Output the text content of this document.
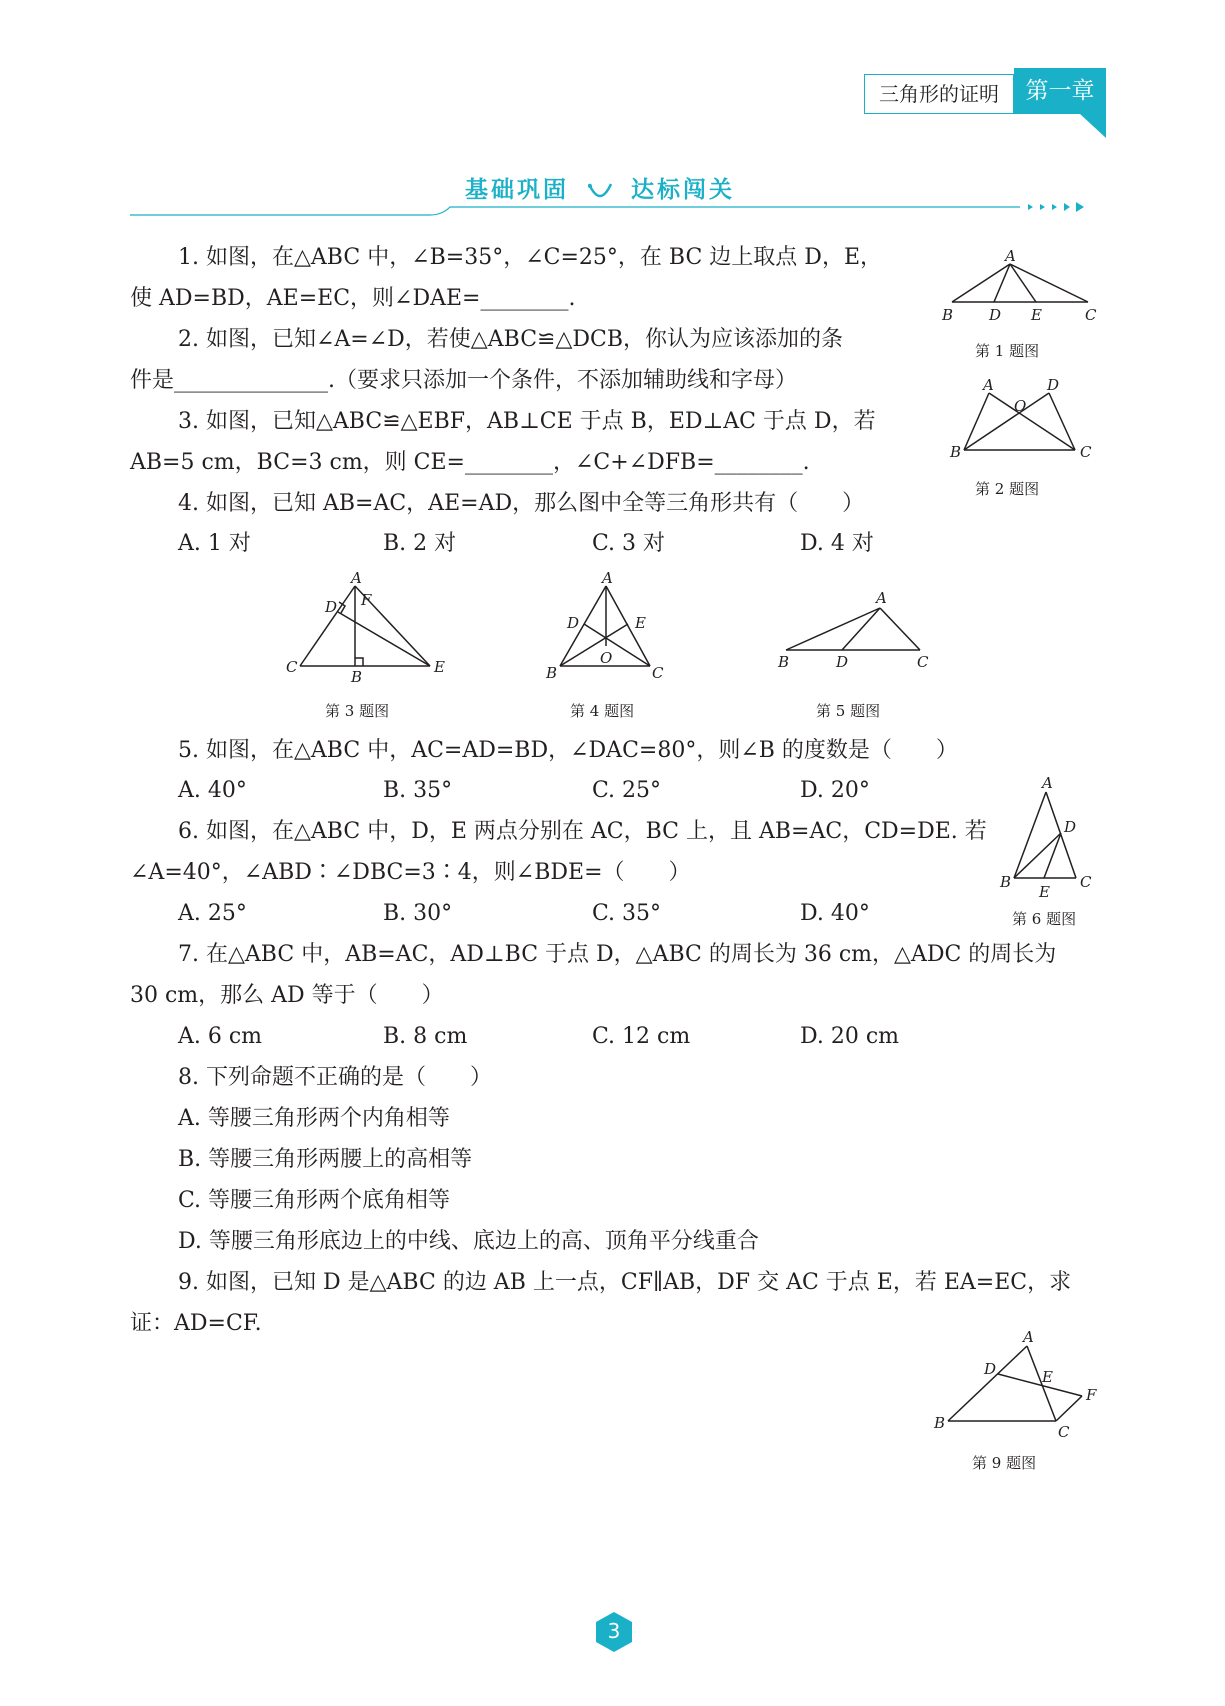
三角形的证明	第一章
基础巩固	达标闯关
1. 如图，在△ABC 中，∠B=35°，∠C=25°，在 BC 边上取点 D，E，
使 AD=BD，AE=EC，则∠DAE=________.
2. 如图，已知∠A=∠D，若使△ABC≌△DCB，你认为应该添加的条
件是______________.（要求只添加一个条件，不添加辅助线和字母）
3. 如图，已知△ABC≌△EBF，AB⊥CE 于点 B，ED⊥AC 于点 D，若
AB=5 cm，BC=3 cm，则 CE=________，∠C+∠DFB=________.
4. 如图，已知 AB=AC，AE=AD，那么图中全等三角形共有（　　）
A. 1 对	B. 2 对	C. 3 对	D. 4 对
5. 如图，在△ABC 中，AC=AD=BD，∠DAC=80°，则∠B 的度数是（　　）
A. 40°	B. 35°	C. 25°	D. 20°
6. 如图，在△ABC 中，D，E 两点分别在 AC，BC 上，且 AB=AC，CD=DE. 若
∠A=40°，∠ABD∶∠DBC=3∶4，则∠BDE=（　　）
A. 25°	B. 30°	C. 35°	D. 40°
7. 在△ABC 中，AB=AC，AD⊥BC 于点 D，△ABC 的周长为 36 cm，△ADC 的周长为
30 cm，那么 AD 等于（　　）
A. 6 cm	B. 8 cm	C. 12 cm	D. 20 cm
8. 下列命题不正确的是（　　）
A. 等腰三角形两个内角相等
B. 等腰三角形两腰上的高相等
C. 等腰三角形两个底角相等
D. 等腰三角形底边上的中线、底边上的高、顶角平分线重合
9. 如图，已知 D 是△ABC 的边 AB 上一点，CF∥AB，DF 交 AC 于点 E，若 EA=EC，求
证：AD=CF.
A
B D E	C
第 1 题图
A	D
O
B	C
第 2 题图
A
D F
C
B
E
第 3 题图
A
D	E
O
B	C
第 4 题图
A
B	D	C
第 5 题图
A
D
B
E
C
第 6 题图
A
D	E
F
B	C
第 9 题图
3
